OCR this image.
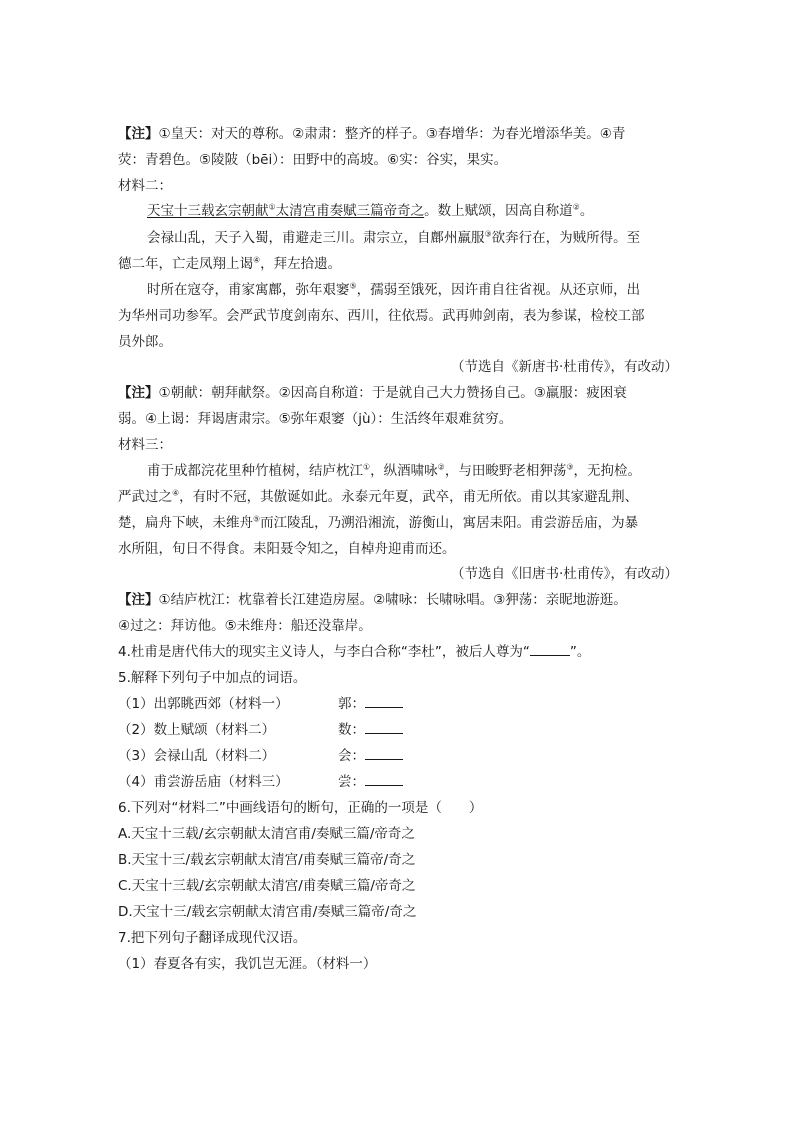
【注】①皇天：对天的尊称。②肃肃：整齐的样子。③春增华：为春光增添华美。④青
荧：青碧色。⑤陵陂（bēi）：田野中的高坡。⑥实：谷实，果实。
材料二：
天宝十三载玄宗朝献①太清宫甫奏赋三篇帝奇之。数上赋颂，因高自称道②。
会禄山乱，天子入蜀，甫避走三川。肃宗立，自鄜州羸服③欲奔行在，为贼所得。至
德二年，亡走凤翔上谒④，拜左拾遗。
时所在寇夺，甫家寓鄜，弥年艰窭⑤，孺弱至饿死，因许甫自往省视。从还京师，出
为华州司功参军。会严武节度剑南东、西川，往依焉。武再帅剑南，表为参谋，检校工部
员外郎。
（节选自《新唐书·杜甫传》，有改动）
【注】①朝献：朝拜献祭。②因高自称道：于是就自己大力赞扬自己。③羸服：疲困衰
弱。④上谒：拜谒唐肃宗。⑤弥年艰窭（jù）：生活终年艰难贫穷。
材料三：
甫于成都浣花里种竹植树，结庐枕江①，纵酒啸咏②，与田畯野老相狎荡③，无拘检。
严武过之④，有时不冠，其傲诞如此。永泰元年夏，武卒，甫无所依。甫以其家避乱荆、
楚，扁舟下峡，未维舟⑤而江陵乱，乃溯沿湘流，游衡山，寓居耒阳。甫尝游岳庙，为暴
水所阻，旬日不得食。耒阳聂令知之，自棹舟迎甫而还。
（节选自《旧唐书·杜甫传》，有改动）
【注】①结庐枕江：枕靠着长江建造房屋。②啸咏：长啸咏唱。③狎荡：亲昵地游逛。
④过之：拜访他。⑤未维舟：船还没靠岸。
4.杜甫是唐代伟大的现实主义诗人，与李白合称“李杜”，被后人尊为“	”。
5.解释下列句子中加点的词语。
（1）出郭眺西郊（材料一）	郭：
（2）数上赋颂（材料二）	数：
（3）会禄山乱（材料二）	会：
（4）甫尝游岳庙（材料三）	尝：
6.下列对“材料二”中画线语句的断句，正确的一项是（　　）
A.天宝十三载/玄宗朝献太清宫甫/奏赋三篇/帝奇之
B.天宝十三/载玄宗朝献太清宫/甫奏赋三篇帝/奇之
C.天宝十三载/玄宗朝献太清宫/甫奏赋三篇/帝奇之
D.天宝十三/载玄宗朝献太清宫甫/奏赋三篇帝/奇之
7.把下列句子翻译成现代汉语。
（1）春夏各有实，我饥岂无涯。（材料一）
